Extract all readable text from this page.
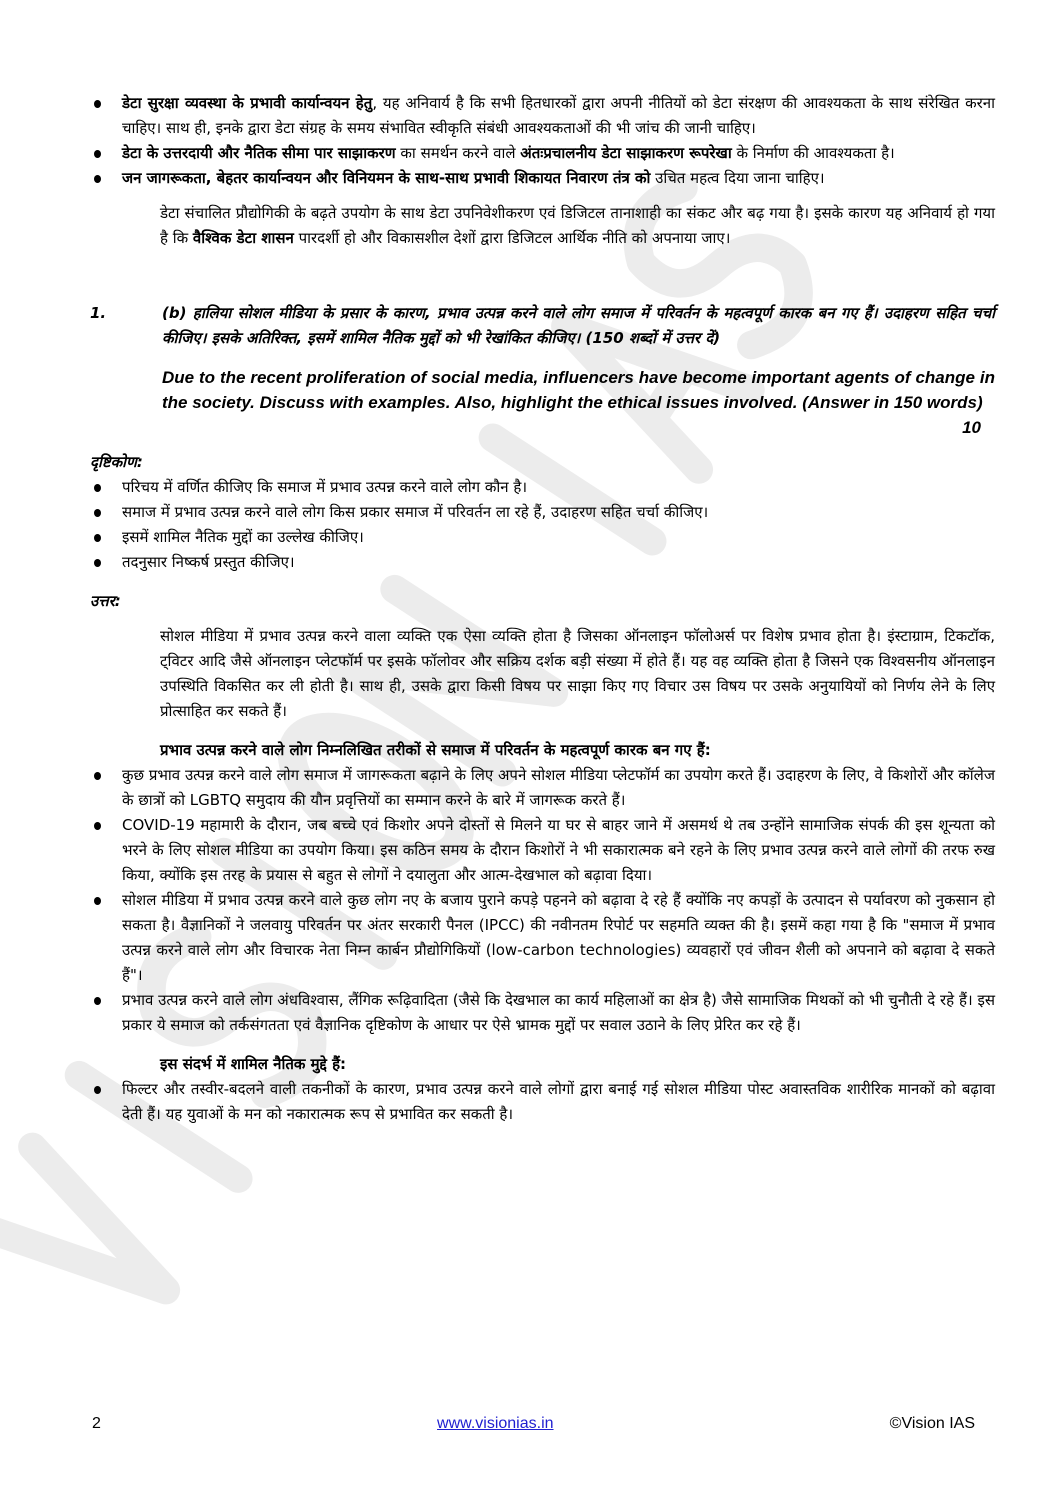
डेटा सुरक्षा व्यवस्था के प्रभावी कार्यान्वयन हेतु, यह अनिवार्य है कि सभी हितधारकों द्वारा अपनी नीतियों को डेटा संरक्षण की आवश्यकता के साथ संरेखित करना चाहिए। साथ ही, इनके द्वारा डेटा संग्रह के समय संभावित स्वीकृति संबंधी आवश्यकताओं की भी जांच की जानी चाहिए।
डेटा के उत्तरदायी और नैतिक सीमा पार साझाकरण का समर्थन करने वाले अंतःप्रचालनीय डेटा साझाकरण रूपरेखा के निर्माण की आवश्यकता है।
जन जागरूकता, बेहतर कार्यान्वयन और विनियमन के साथ-साथ प्रभावी शिकायत निवारण तंत्र को उचित महत्व दिया जाना चाहिए।

डेटा संचालित प्रौद्योगिकी के बढ़ते उपयोग के साथ डेटा उपनिवेशीकरण एवं डिजिटल तानाशाही का संकट और बढ़ गया है। इसके कारण यह अनिवार्य हो गया है कि वैश्विक डेटा शासन पारदर्शी हो और विकासशील देशों द्वारा डिजिटल आर्थिक नीति को अपनाया जाए।

1.	(b) हालिया सोशल मीडिया के प्रसार के कारण, प्रभाव उत्पन्न करने वाले लोग समाज में परिवर्तन के महत्वपूर्ण कारक बन गए हैं। उदाहरण सहित चर्चा कीजिए। इसके अतिरिक्त, इसमें शामिल नैतिक मुद्दों को भी रेखांकित कीजिए। (150 शब्दों में उत्तर दें)

Due to the recent proliferation of social media, influencers have become important agents of change in the society. Discuss with examples. Also, highlight the ethical issues involved. (Answer in 150 words)
10

दृष्टिकोण:

परिचय में वर्णित कीजिए कि समाज में प्रभाव उत्पन्न करने वाले लोग कौन है।
समाज में प्रभाव उत्पन्न करने वाले लोग किस प्रकार समाज में परिवर्तन ला रहे हैं, उदाहरण सहित चर्चा कीजिए।
इसमें शामिल नैतिक मुद्दों का उल्लेख कीजिए।
तदनुसार निष्कर्ष प्रस्तुत कीजिए।

उत्तर:

सोशल मीडिया में प्रभाव उत्पन्न करने वाला व्यक्ति एक ऐसा व्यक्ति होता है जिसका ऑनलाइन फॉलोअर्स पर विशेष प्रभाव होता है। इंस्टाग्राम, टिकटॉक, ट्विटर आदि जैसे ऑनलाइन प्लेटफॉर्म पर इसके फॉलोवर और सक्रिय दर्शक बड़ी संख्या में होते हैं। यह वह व्यक्ति होता है जिसने एक विश्वसनीय ऑनलाइन उपस्थिति विकसित कर ली होती है। साथ ही, उसके द्वारा किसी विषय पर साझा किए गए विचार उस विषय पर उसके अनुयायियों को निर्णय लेने के लिए प्रोत्साहित कर सकते हैं।

प्रभाव उत्पन्न करने वाले लोग निम्नलिखित तरीकों से समाज में परिवर्तन के महत्वपूर्ण कारक बन गए हैं:

कुछ प्रभाव उत्पन्न करने वाले लोग समाज में जागरूकता बढ़ाने के लिए अपने सोशल मीडिया प्लेटफॉर्म का उपयोग करते हैं। उदाहरण के लिए, वे किशोरों और कॉलेज के छात्रों को LGBTQ समुदाय की यौन प्रवृत्तियों का सम्मान करने के बारे में जागरूक करते हैं।
COVID-19 महामारी के दौरान, जब बच्चे एवं किशोर अपने दोस्तों से मिलने या घर से बाहर जाने में असमर्थ थे तब उन्होंने सामाजिक संपर्क की इस शून्यता को भरने के लिए सोशल मीडिया का उपयोग किया। इस कठिन समय के दौरान किशोरों ने भी सकारात्मक बने रहने के लिए प्रभाव उत्पन्न करने वाले लोगों की तरफ रुख किया, क्योंकि इस तरह के प्रयास से बहुत से लोगों ने दयालुता और आत्म-देखभाल को बढ़ावा दिया।
सोशल मीडिया में प्रभाव उत्पन्न करने वाले कुछ लोग नए के बजाय पुराने कपड़े पहनने को बढ़ावा दे रहे हैं क्योंकि नए कपड़ों के उत्पादन से पर्यावरण को नुकसान हो सकता है। वैज्ञानिकों ने जलवायु परिवर्तन पर अंतर सरकारी पैनल (IPCC) की नवीनतम रिपोर्ट पर सहमति व्यक्त की है। इसमें कहा गया है कि "समाज में प्रभाव उत्पन्न करने वाले लोग और विचारक नेता निम्न कार्बन प्रौद्योगिकियों (low-carbon technologies) व्यवहारों एवं जीवन शैली को अपनाने को बढ़ावा दे सकते हैं"।
प्रभाव उत्पन्न करने वाले लोग अंधविश्वास, लैंगिक रूढ़िवादिता (जैसे कि देखभाल का कार्य महिलाओं का क्षेत्र है) जैसे सामाजिक मिथकों को भी चुनौती दे रहे हैं। इस प्रकार ये समाज को तर्कसंगतता एवं वैज्ञानिक दृष्टिकोण के आधार पर ऐसे भ्रामक मुद्दों पर सवाल उठाने के लिए प्रेरित कर रहे हैं।

इस संदर्भ में शामिल नैतिक मुद्दे हैं:

फिल्टर और तस्वीर-बदलने वाली तकनीकों के कारण, प्रभाव उत्पन्न करने वाले लोगों द्वारा बनाई गई सोशल मीडिया पोस्ट अवास्तविक शारीरिक मानकों को बढ़ावा देती हैं। यह युवाओं के मन को नकारात्मक रूप से प्रभावित कर सकती है।
2	www.visionias.in	©Vision IAS
